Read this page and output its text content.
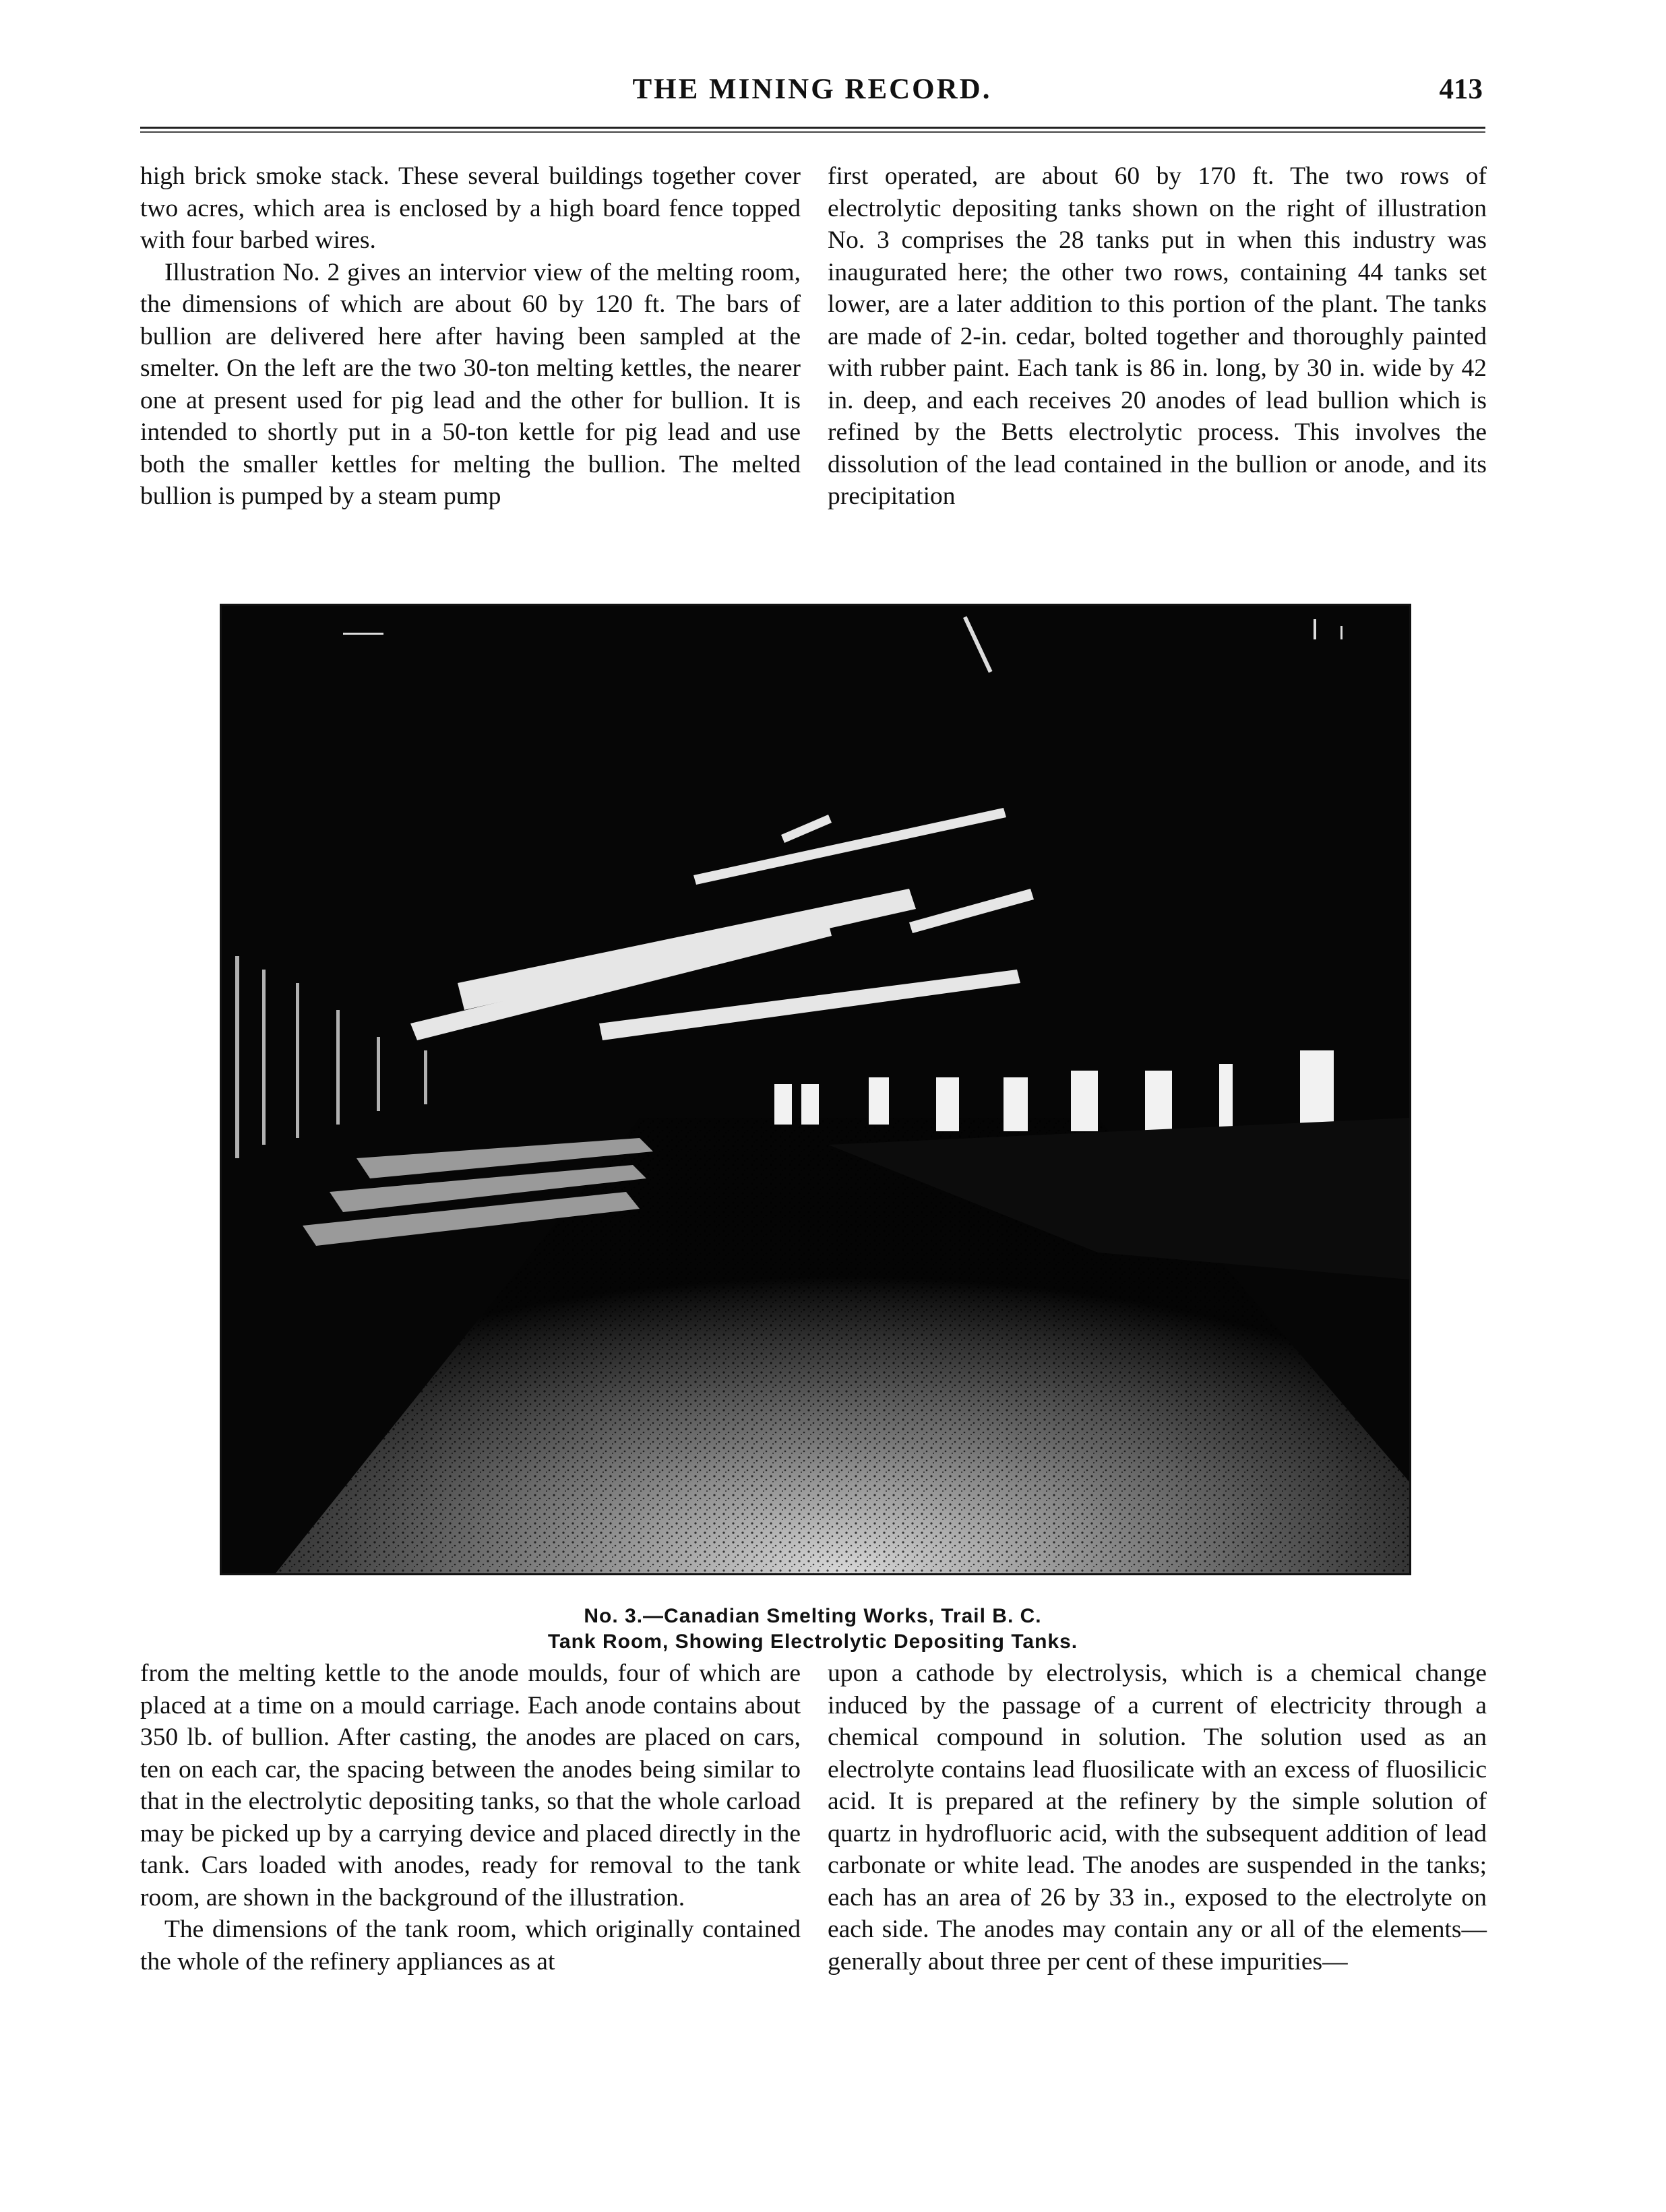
THE MINING RECORD.	413

high brick smoke stack. These several buildings together cover two acres, which area is enclosed by a high board fence topped with four barbed wires.

Illustration No. 2 gives an intervior view of the melting room, the dimensions of which are about 60 by 120 ft. The bars of bullion are delivered here after having been sampled at the smelter. On the left are the two 30-ton melting kettles, the nearer one at present used for pig lead and the other for bullion. It is intended to shortly put in a 50-ton kettle for pig lead and use both the smaller kettles for melting the bullion. The melted bullion is pumped by a steam pump

first operated, are about 60 by 170 ft. The two rows of electrolytic depositing tanks shown on the right of illustration No. 3 comprises the 28 tanks put in when this industry was inaugurated here; the other two rows, containing 44 tanks set lower, are a later addition to this portion of the plant. The tanks are made of 2-in. cedar, bolted together and thoroughly painted with rubber paint. Each tank is 86 in. long, by 30 in. wide by 42 in. deep, and each receives 20 anodes of lead bullion which is refined by the Betts electrolytic process. This involves the dissolution of the lead contained in the bullion or anode, and its precipitation

No. 3.—Canadian Smelting Works, Trail B. C.
Tank Room, Showing Electrolytic Depositing Tanks.

from the melting kettle to the anode moulds, four of which are placed at a time on a mould carriage. Each anode contains about 350 lb. of bullion. After casting, the anodes are placed on cars, ten on each car, the spacing between the anodes being similar to that in the electrolytic depositing tanks, so that the whole carload may be picked up by a carrying device and placed directly in the tank. Cars loaded with anodes, ready for removal to the tank room, are shown in the background of the illustration.

The dimensions of the tank room, which originally contained the whole of the refinery appliances as at

upon a cathode by electrolysis, which is a chemical change induced by the passage of a current of electricity through a chemical compound in solution. The solution used as an electrolyte contains lead fluosilicate with an excess of fluosilicic acid. It is prepared at the refinery by the simple solution of quartz in hydrofluoric acid, with the subsequent addition of lead carbonate or white lead. The anodes are suspended in the tanks; each has an area of 26 by 33 in., exposed to the electrolyte on each side. The anodes may contain any or all of the elements—generally about three per cent of these impurities—
